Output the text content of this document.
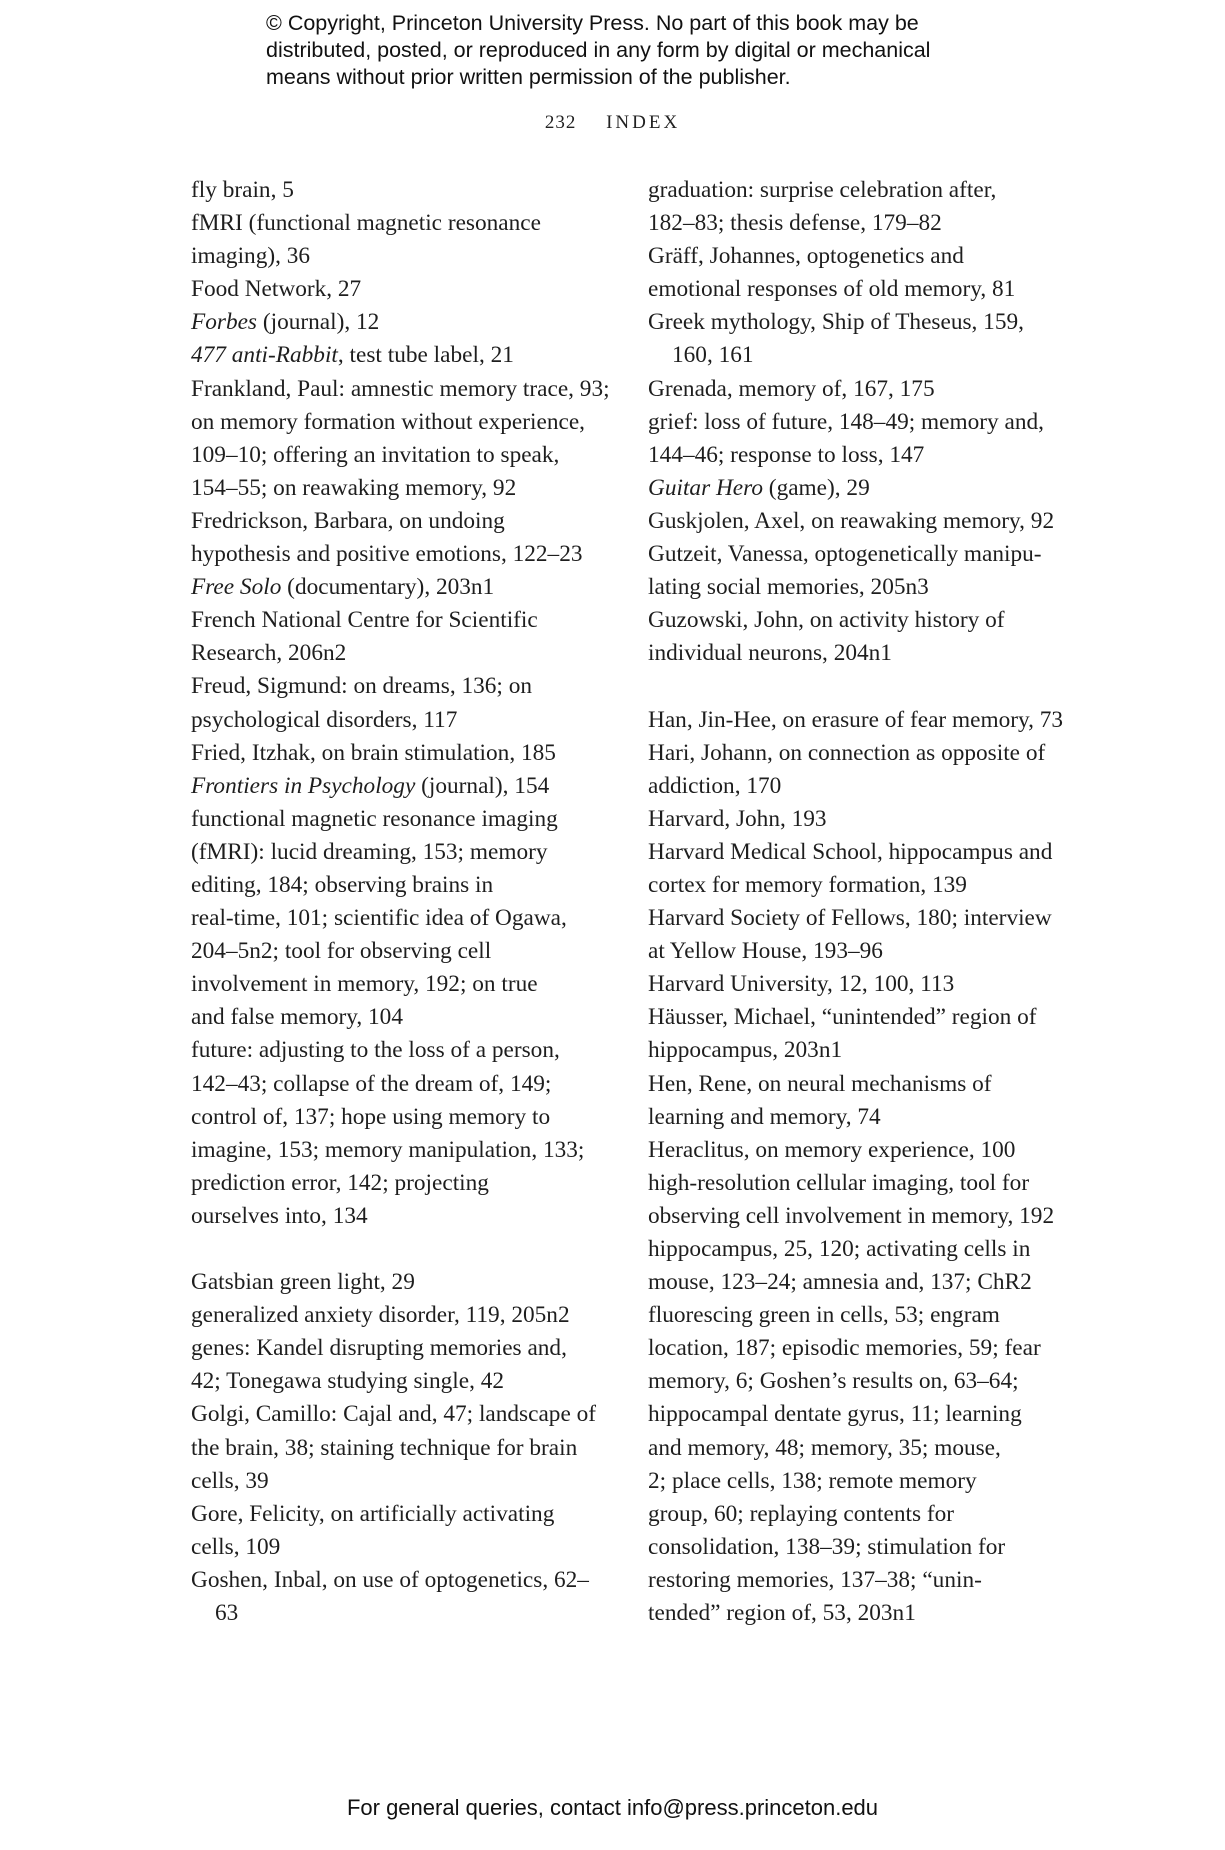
© Copyright, Princeton University Press. No part of this book may be
distributed, posted, or reproduced in any form by digital or mechanical
means without prior written permission of the publisher.
232 INDEX
fly brain, 5
fMRI (functional magnetic resonance
imaging), 36
Food Network, 27
Forbes (journal), 12
477 anti-Rabbit, test tube label, 21
Frankland, Paul: amnestic memory trace, 93;
on memory formation without experience,
109–10; offering an invitation to speak,
154–55; on reawaking memory, 92
Fredrickson, Barbara, on undoing
hypothesis and positive emotions, 122–23
Free Solo (documentary), 203n1
French National Centre for Scientific
Research, 206n2
Freud, Sigmund: on dreams, 136; on
psychological disorders, 117
Fried, Itzhak, on brain stimulation, 185
Frontiers in Psychology (journal), 154
functional magnetic resonance imaging
(fMRI): lucid dreaming, 153; memory
editing, 184; observing brains in
real-time, 101; scientific idea of Ogawa,
204–5n2; tool for observing cell
involvement in memory, 192; on true
and false memory, 104
future: adjusting to the loss of a person,
142–43; collapse of the dream of, 149;
control of, 137; hope using memory to
imagine, 153; memory manipulation, 133;
prediction error, 142; projecting
ourselves into, 134
Gatsbian green light, 29
generalized anxiety disorder, 119, 205n2
genes: Kandel disrupting memories and,
42; Tonegawa studying single, 42
Golgi, Camillo: Cajal and, 47; landscape of
the brain, 38; staining technique for brain
cells, 39
Gore, Felicity, on artificially activating
cells, 109
Goshen, Inbal, on use of optogenetics, 62–63
graduation: surprise celebration after,
182–83; thesis defense, 179–82
Gräff, Johannes, optogenetics and
emotional responses of old memory, 81
Greek mythology, Ship of Theseus, 159, 160, 161
Grenada, memory of, 167, 175
grief: loss of future, 148–49; memory and,
144–46; response to loss, 147
Guitar Hero (game), 29
Guskjolen, Axel, on reawaking memory, 92
Gutzeit, Vanessa, optogenetically manipu-
lating social memories, 205n3
Guzowski, John, on activity history of
individual neurons, 204n1
Han, Jin-Hee, on erasure of fear memory, 73
Hari, Johann, on connection as opposite of
addiction, 170
Harvard, John, 193
Harvard Medical School, hippocampus and
cortex for memory formation, 139
Harvard Society of Fellows, 180; interview
at Yellow House, 193–96
Harvard University, 12, 100, 113
Häusser, Michael, “unintended” region of
hippocampus, 203n1
Hen, Rene, on neural mechanisms of
learning and memory, 74
Heraclitus, on memory experience, 100
high-resolution cellular imaging, tool for
observing cell involvement in memory, 192
hippocampus, 25, 120; activating cells in
mouse, 123–24; amnesia and, 137; ChR2
fluorescing green in cells, 53; engram
location, 187; episodic memories, 59; fear
memory, 6; Goshen’s results on, 63–64;
hippocampal dentate gyrus, 11; learning
and memory, 48; memory, 35; mouse,
2; place cells, 138; remote memory
group, 60; replaying contents for
consolidation, 138–39; stimulation for
restoring memories, 137–38; “unin-
tended” region of, 53, 203n1
For general queries, contact info@press.princeton.edu
